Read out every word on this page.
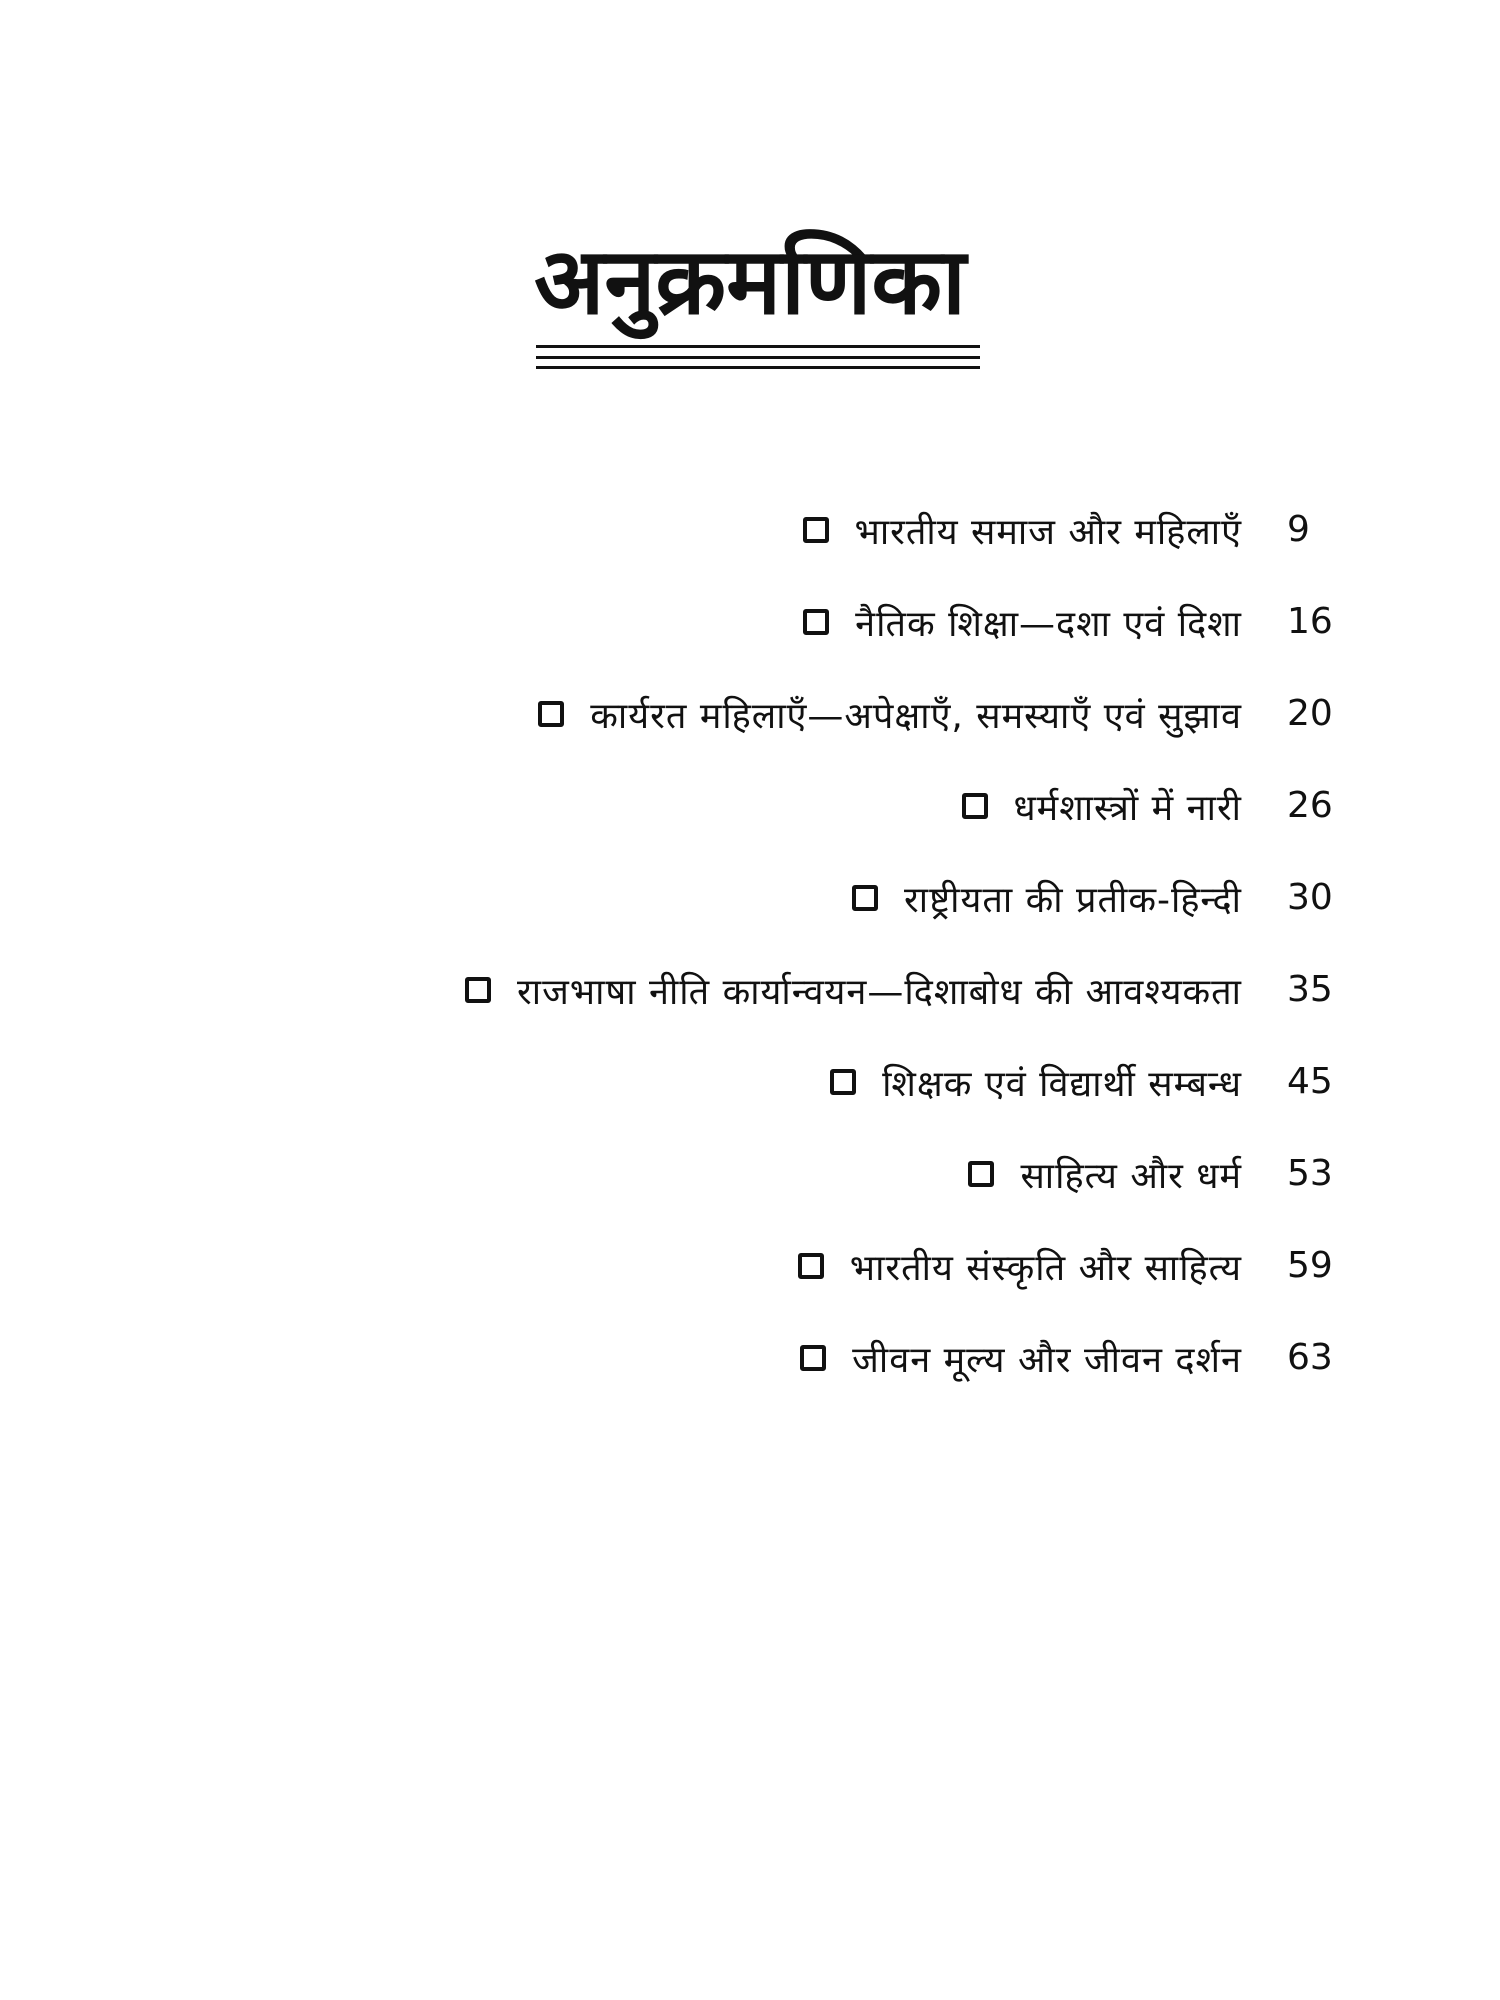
अनुक्रमणिका
भारतीय समाज और महिलाएँ 9
नैतिक शिक्षा—दशा एवं दिशा 16
कार्यरत महिलाएँ—अपेक्षाएँ, समस्याएँ एवं सुझाव 20
धर्मशास्त्रों में नारी 26
राष्ट्रीयता की प्रतीक-हिन्दी 30
राजभाषा नीति कार्यान्वयन—दिशाबोध की आवश्यकता 35
शिक्षक एवं विद्यार्थी सम्बन्ध 45
साहित्य और धर्म 53
भारतीय संस्कृति और साहित्य 59
जीवन मूल्य और जीवन दर्शन 63
